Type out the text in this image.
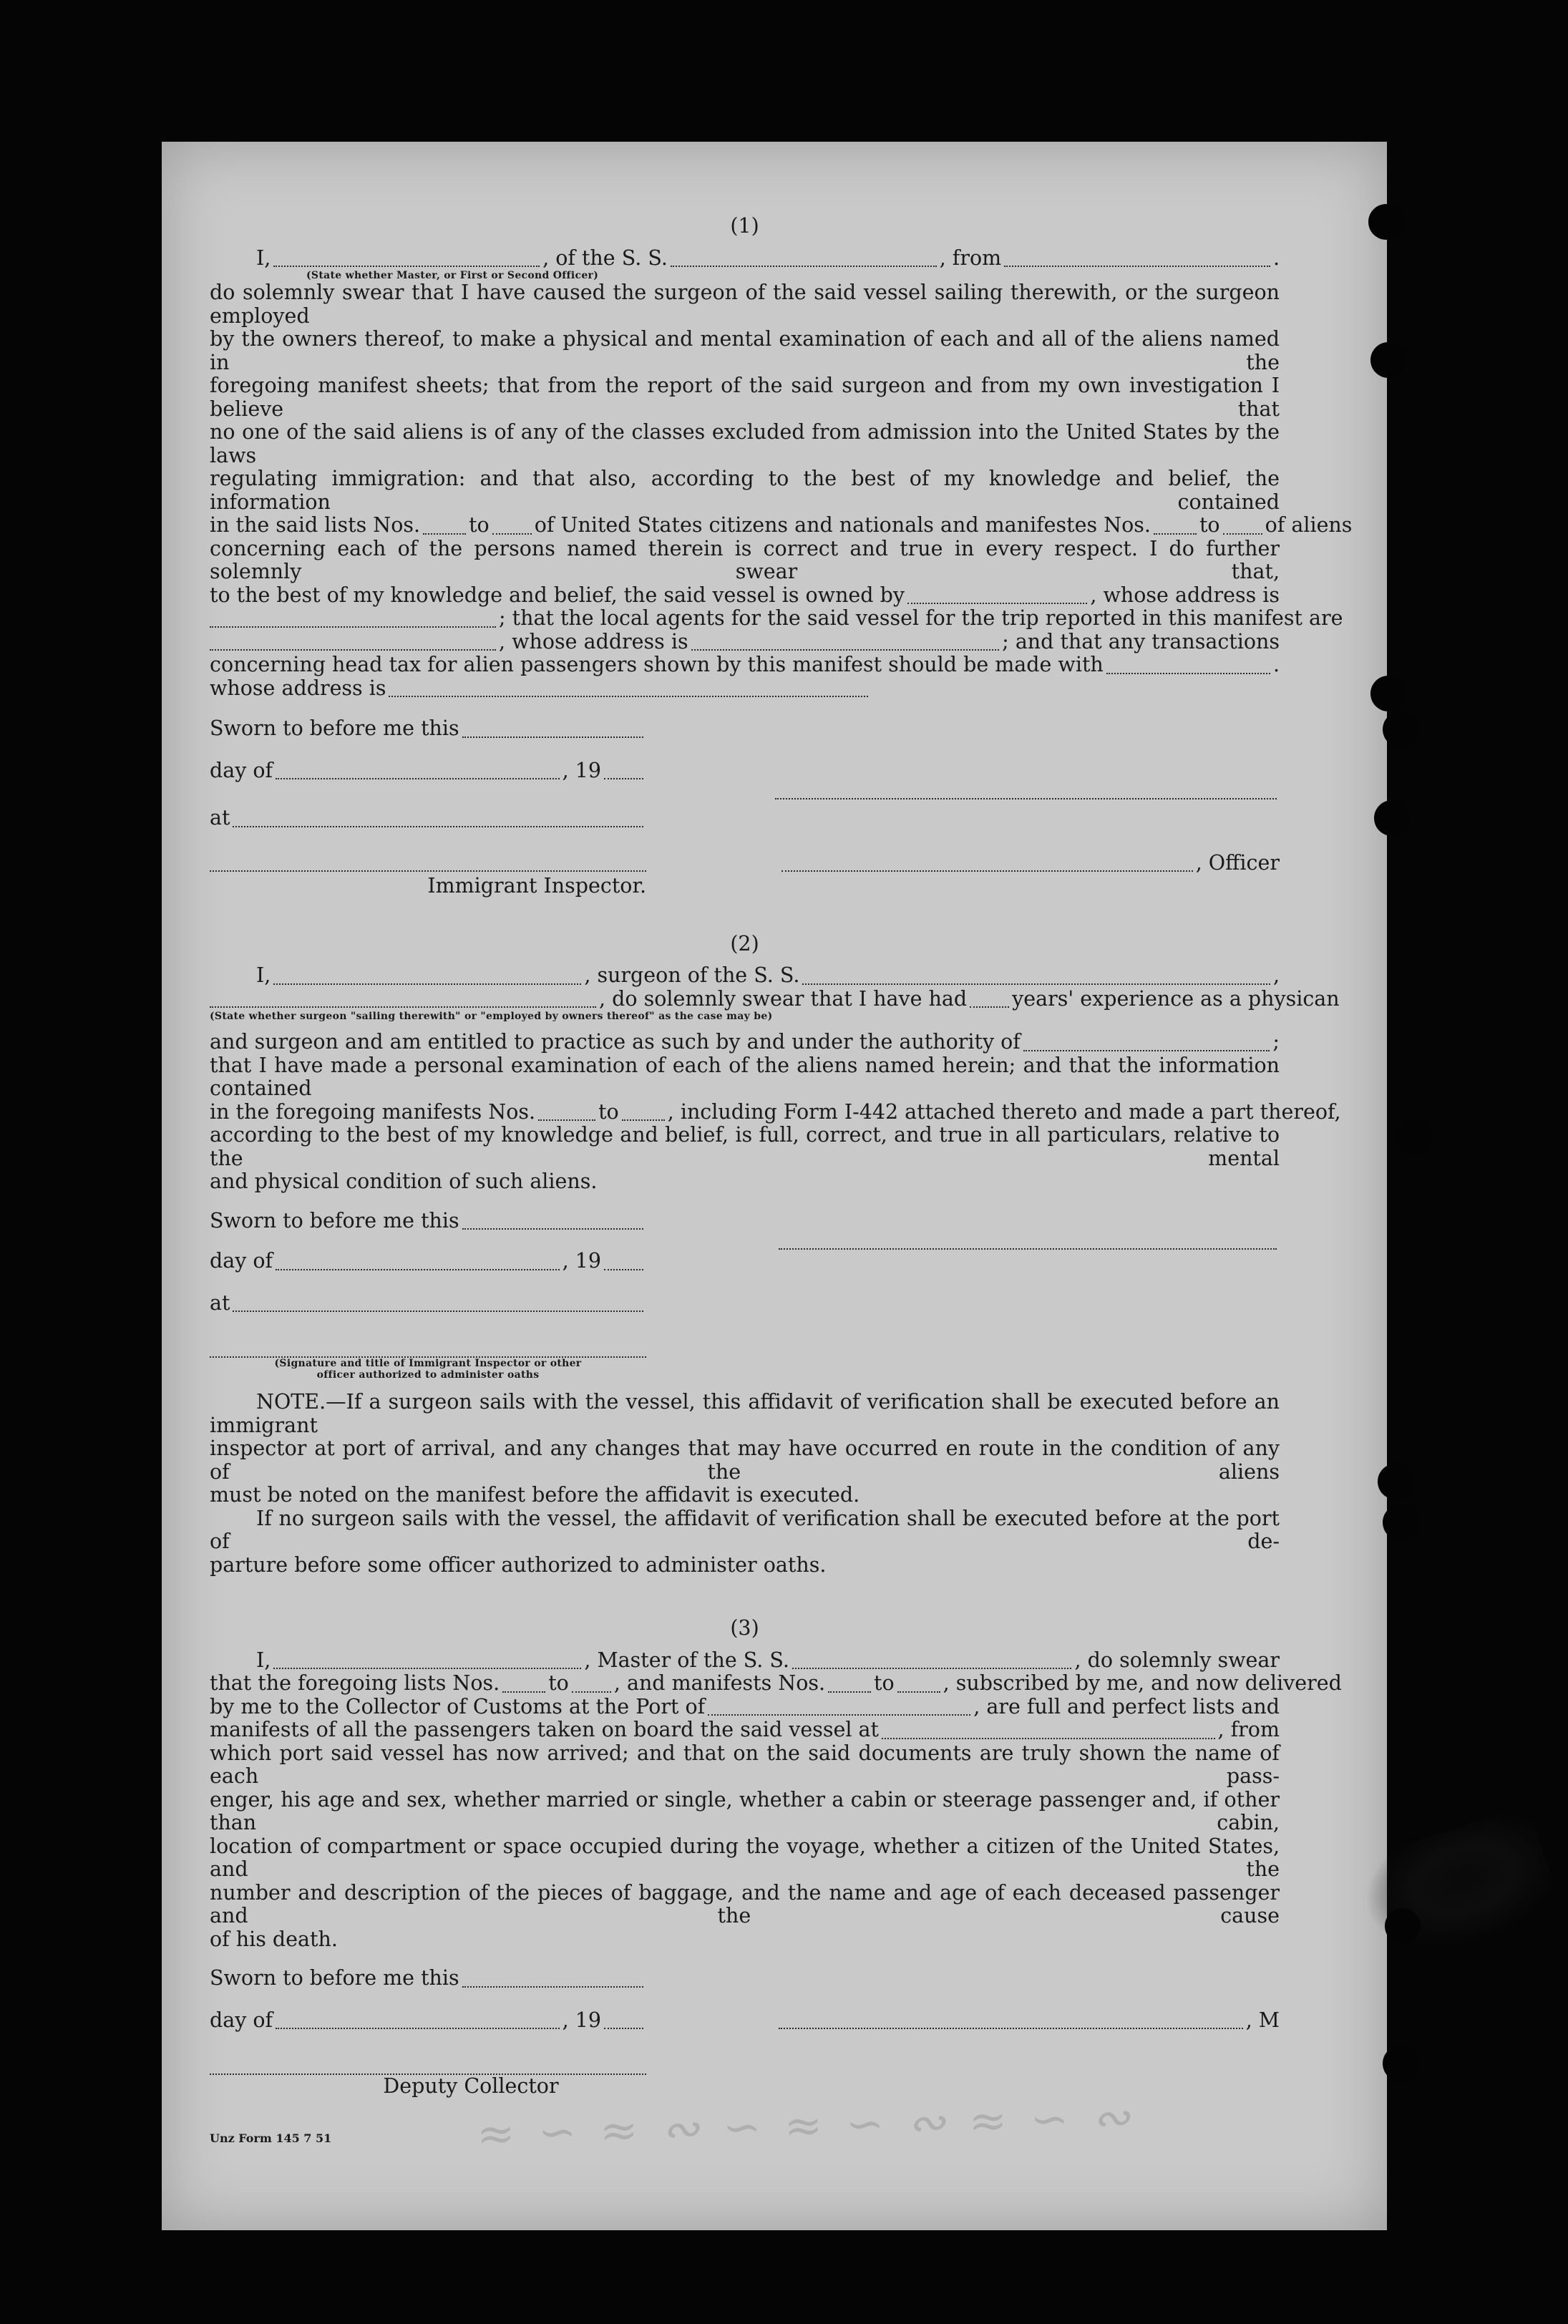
≈ ∽ ≈ ∾ ∽ ≈ ∽ ∾ ≈ ∽ ∾
(1)
I,	, of the S. S.	, from	.
(State whether Master, or First or Second Officer)
do solemnly swear that I have caused the surgeon of the said vessel sailing therewith, or the surgeon employed
by the owners thereof, to make a physical and mental examination of each and all of the aliens named in the
foregoing manifest sheets; that from the report of the said surgeon and from my own investigation I believe that
no one of the said aliens is of any of the classes excluded from admission into the United States by the laws
regulating immigration: and that also, according to the best of my knowledge and belief, the information contained
in the said lists Nos. to of United States citizens and nationals and manifestes Nos. to of aliens
concerning each of the persons named therein is correct and true in every respect. I do further solemnly swear that,
to the best of my knowledge and belief, the said vessel is owned by	, whose address is
; that the local agents for the said vessel for the trip reported in this manifest are
, whose address is	; and that any transactions
concerning head tax for alien passengers shown by this manifest should be made with	.
whose address is
Sworn to before me this
day of	, 19
at
, Officer
Immigrant Inspector.
(2)
I,	, surgeon of the S. S.	,
, do solemnly swear that I have had years' experience as a physican
(State whether surgeon "sailing therewith" or "employed by owners thereof" as the case may be)
and surgeon and am entitled to practice as such by and under the authority of	;
that I have made a personal examination of each of the aliens named herein; and that the information contained
in the foregoing manifests Nos.	to , including Form I-442 attached thereto and made a part thereof,
according to the best of my knowledge and belief, is full, correct, and true in all particulars, relative to the mental
and physical condition of such aliens.
Sworn to before me this
day of	, 19
at
(Signature and title of Immigrant Inspector or other
officer authorized to administer oaths
NOTE.—If a surgeon sails with the vessel, this affidavit of verification shall be executed before an immigrant
inspector at port of arrival, and any changes that may have occurred en route in the condition of any of the aliens
must be noted on the manifest before the affidavit is executed.
If no surgeon sails with the vessel, the affidavit of verification shall be executed before at the port of de-
parture before some officer authorized to administer oaths.
(3)
I,	, Master of the S. S.	, do solemnly swear
that the foregoing lists Nos. to , and manifests Nos. to , subscribed by me, and now delivered
by me to the Collector of Customs at the Port of	, are full and perfect lists and
manifests of all the passengers taken on board the said vessel at	, from
which port said vessel has now arrived; and that on the said documents are truly shown the name of each pass-
enger, his age and sex, whether married or single, whether a cabin or steerage passenger and, if other than cabin,
location of compartment or space occupied during the voyage, whether a citizen of the United States, and the
number and description of the pieces of baggage, and the name and age of each deceased passenger and the cause
of his death.
Sworn to before me this
day of	, 19	, M
Deputy Collector
Unz Form 145 7 51
